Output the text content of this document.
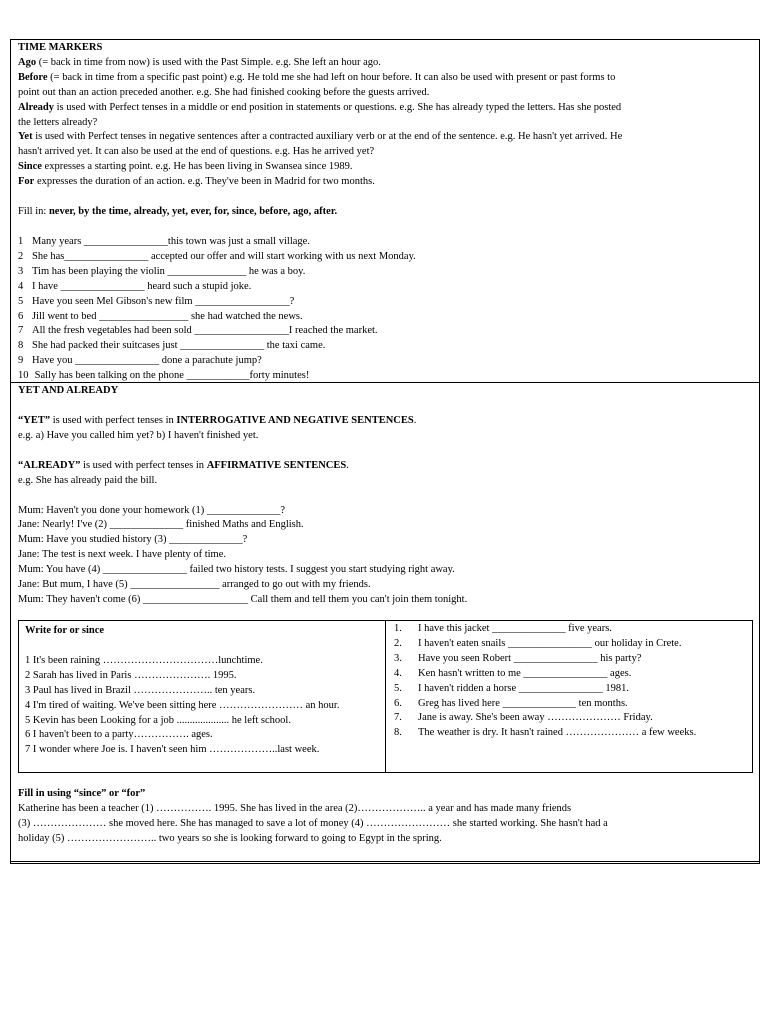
TIME MARKERS
Ago (= back in time from now) is used with the Past Simple. e.g. She left an hour ago.
Before (= back in time from a specific past point) e.g. He told me she had left on hour before. It can also be used with present or past forms to
point out than an action preceded another. e.g. She had finished cooking before the guests arrived.
Already is used with Perfect tenses in a middle or end position in statements or questions. e.g. She has already typed the letters. Has she posted
the letters already?
Yet is used with Perfect tenses in negative sentences after a contracted auxiliary verb or at the end of the sentence. e.g. He hasn't yet arrived. He
hasn't arrived yet. It can also be used at the end of questions. e.g. Has he arrived yet?
Since expresses a starting point. e.g. He has been living in Swansea since 1989.
For expresses the duration of an action. e.g. They've been in Madrid for two months.
Fill in: never, by the time, already, yet, ever, for, since, before, ago, after.
1 Many years ________________this town was just a small village.
2 She has________________ accepted our offer and will start working with us next Monday.
3 Tim has been playing the violin _______________ he was a boy.
4 I have ________________ heard such a stupid joke.
5 Have you seen Mel Gibson's new film __________________?
6 Jill went to bed _________________ she had watched the news.
7 All the fresh vegetables had been sold __________________I reached the market.
8 She had packed their suitcases just ________________ the taxi came.
9 Have you ________________ done a parachute jump?
10 Sally has been talking on the phone ____________forty minutes!
YET AND ALREADY
“YET” is used with perfect tenses in INTERROGATIVE AND NEGATIVE SENTENCES.
e.g. a) Have you called him yet? b) I haven't finished yet.
“ALREADY” is used with perfect tenses in AFFIRMATIVE SENTENCES.
e.g. She has already paid the bill.
Mum: Haven't you done your homework (1) ______________?
Jane: Nearly! I've (2) ______________ finished Maths and English.
Mum: Have you studied history (3) ______________?
Jane: The test is next week. I have plenty of time.
Mum: You have (4) ________________ failed two history tests. I suggest you start studying right away.
Jane: But mum, I have (5) _________________ arranged to go out with my friends.
Mum: They haven't come (6) ____________________ Call them and tell them you can't join them tonight.
Write for or since
1 It's been raining ……………………………lunchtime.
2 Sarah has lived in Paris …………………. 1995.
3 Paul has lived in Brazil ………………….. ten years.
4 I'm tired of waiting. We've been sitting here …………………… an hour.
5 Kevin has been Looking for a job .................... he left school.
6 I haven't been to a party……………. ages.
7 I wonder where Joe is. I haven't seen him ………………..last week.
1.	I have this jacket ______________ five years.
2.	I haven't eaten snails ________________ our holiday in Crete.
3.	Have you seen Robert ________________ his party?
4.	Ken hasn't written to me ________________ ages.
5.	I haven't ridden a horse ________________ 1981.
6.	Greg has lived here ______________ ten months.
7.	Jane is away. She's been away ………………… Friday.
8.	The weather is dry. It hasn't rained ………………… a few weeks.
Fill in using “since” or “for”
Katherine has been a teacher (1) ……………. 1995. She has lived in the area (2)……………….. a year and has made many friends
(3) ………………… she moved here. She has managed to save a lot of money (4) …………………… she started working. She hasn't had a
holiday (5) …………………….. two years so she is looking forward to going to Egypt in the spring.
